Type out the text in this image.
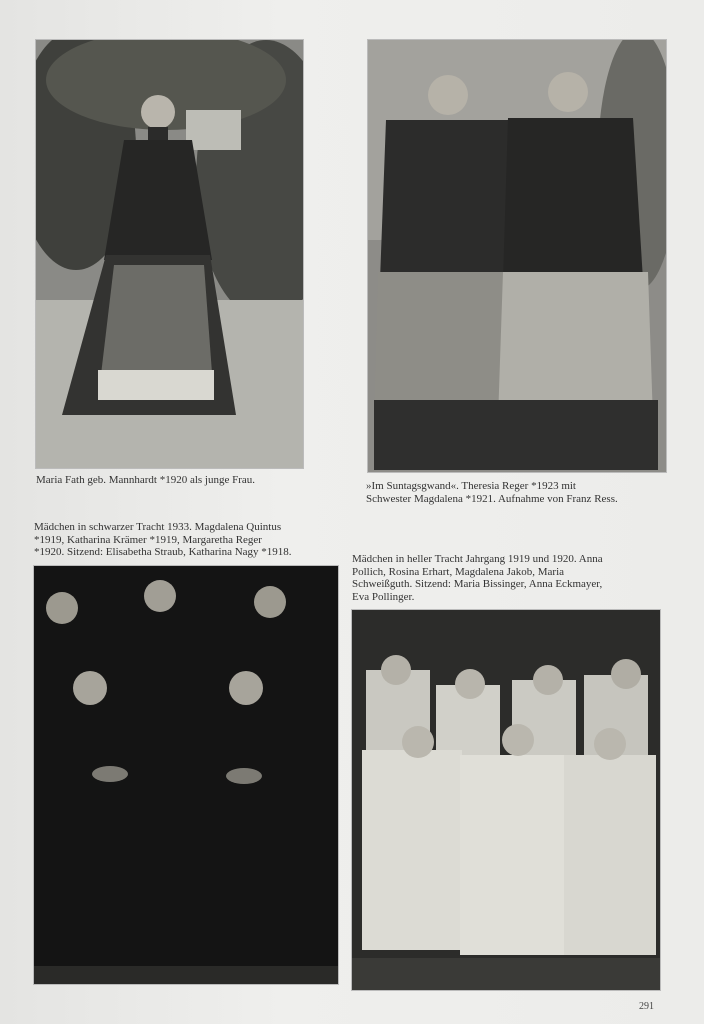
Maria Fath geb. Mannhardt *1920 als junge Frau.	»Im Suntagsgwand«. Theresia Reger *1923 mit
Schwester Magdalena *1921. Aufnahme von Franz Ress.
Mädchen in schwarzer Tracht 1933. Magdalena Quintus
*1919, Katharina Krämer *1919, Margaretha Reger
*1920. Sitzend: Elisabetha Straub, Katharina Nagy *1918.
Mädchen in heller Tracht Jahrgang 1919 und 1920. Anna
Pollich, Rosina Erhart, Magdalena Jakob, Maria
Schweißguth. Sitzend: Maria Bissinger, Anna Eckmayer,
Eva Pollinger.
291
